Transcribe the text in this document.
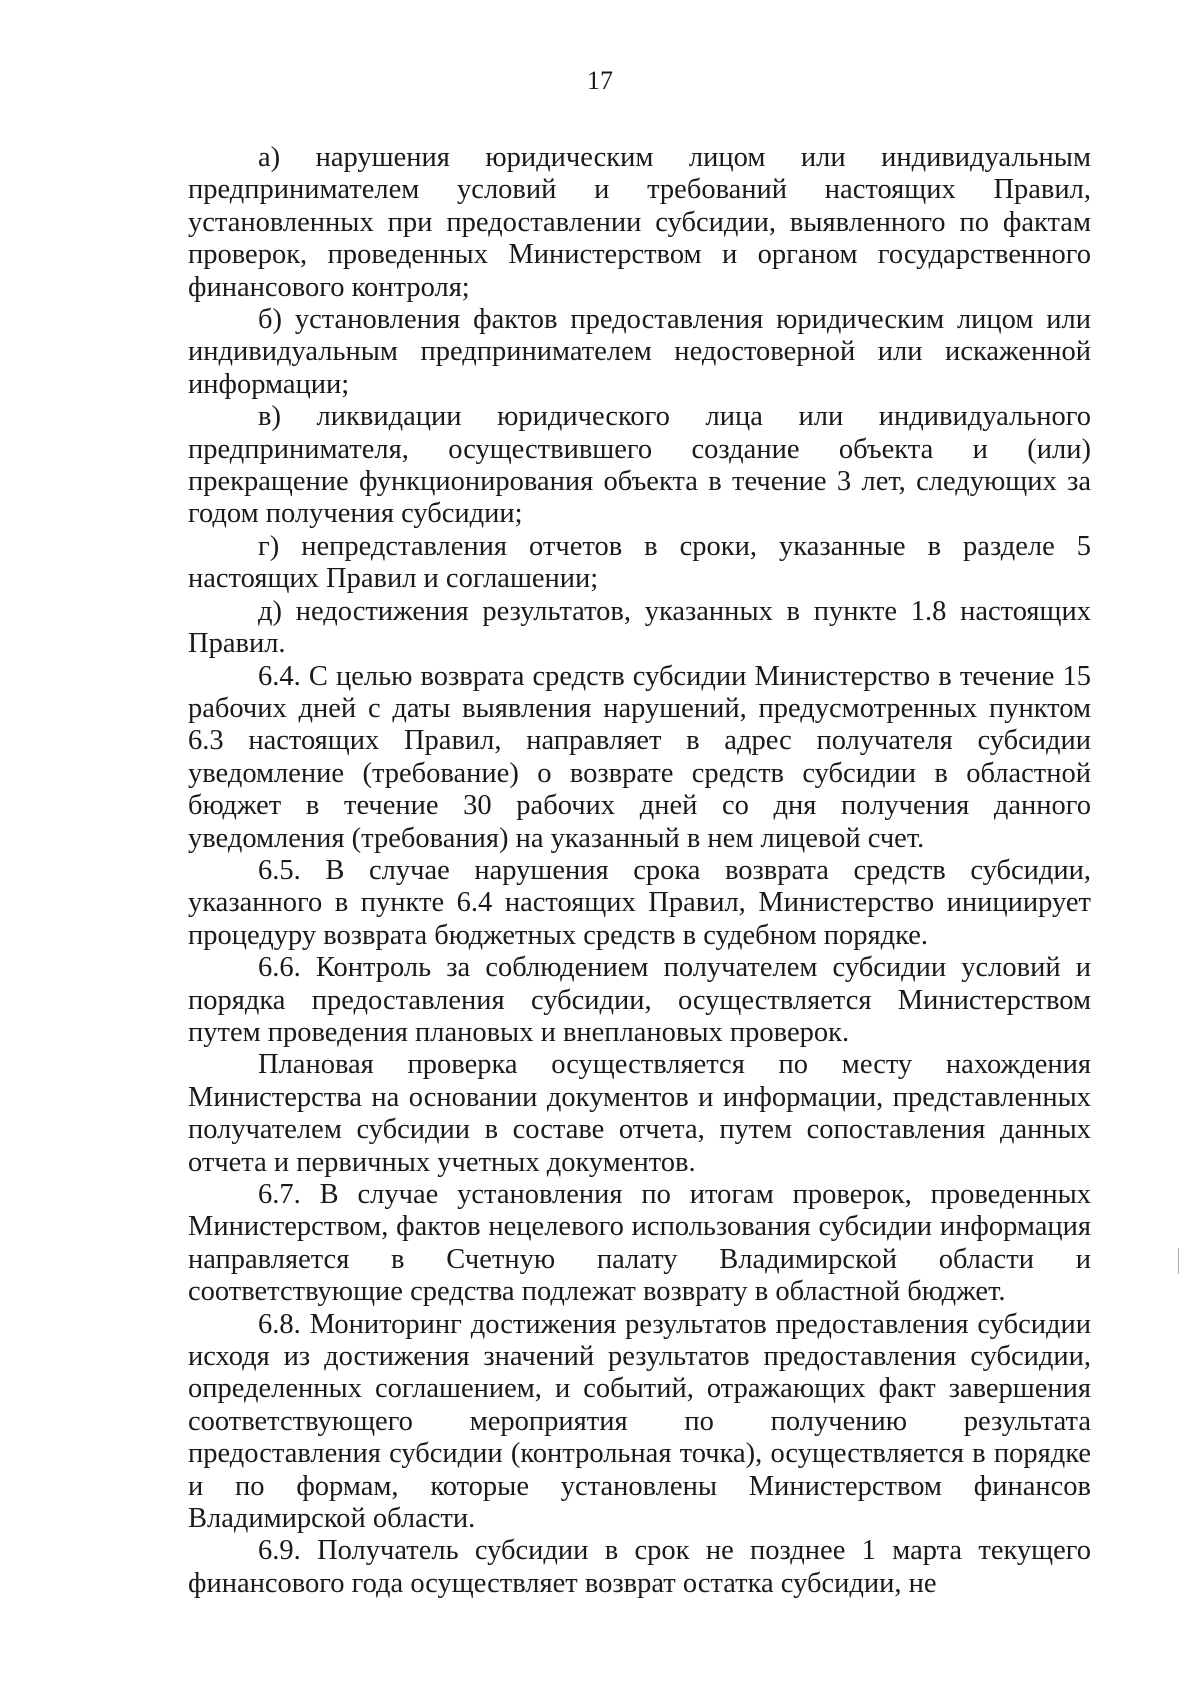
17

а) нарушения юридическим лицом или индивидуальным предпринимателем условий и требований настоящих Правил, установленных при предоставлении субсидии, выявленного по фактам проверок, проведенных Министерством и органом государственного финансового контроля;

б) установления фактов предоставления юридическим лицом или индивидуальным предпринимателем недостоверной или искаженной информации;

в) ликвидации юридического лица или индивидуального предпринимателя, осуществившего создание объекта и (или) прекращение функционирования объекта в течение 3 лет, следующих за годом получения субсидии;

г) непредставления отчетов в сроки, указанные в разделе 5 настоящих Правил и соглашении;

д) недостижения результатов, указанных в пункте 1.8 настоящих Правил.

6.4. С целью возврата средств субсидии Министерство в течение 15 рабочих дней с даты выявления нарушений, предусмотренных пунктом 6.3 настоящих Правил, направляет в адрес получателя субсидии уведомление (требование) о возврате средств субсидии в областной бюджет в течение 30 рабочих дней со дня получения данного уведомления (требования) на указанный в нем лицевой счет.

6.5. В случае нарушения срока возврата средств субсидии, указанного в пункте 6.4 настоящих Правил, Министерство инициирует процедуру возврата бюджетных средств в судебном порядке.

6.6. Контроль за соблюдением получателем субсидии условий и порядка предоставления субсидии, осуществляется Министерством путем проведения плановых и внеплановых проверок.

Плановая проверка осуществляется по месту нахождения Министерства на основании документов и информации, представленных получателем субсидии в составе отчета, путем сопоставления данных отчета и первичных учетных документов.

6.7. В случае установления по итогам проверок, проведенных Министерством, фактов нецелевого использования субсидии информация направляется в Счетную палату Владимирской области и соответствующие средства подлежат возврату в областной бюджет.

6.8. Мониторинг достижения результатов предоставления субсидии исходя из достижения значений результатов предоставления субсидии, определенных соглашением, и событий, отражающих факт завершения соответствующего мероприятия по получению результата предоставления субсидии (контрольная точка), осуществляется в порядке и по формам, которые установлены Министерством финансов Владимирской области.

6.9. Получатель субсидии в срок не позднее 1 марта текущего финансового года осуществляет возврат остатка субсидии, не
